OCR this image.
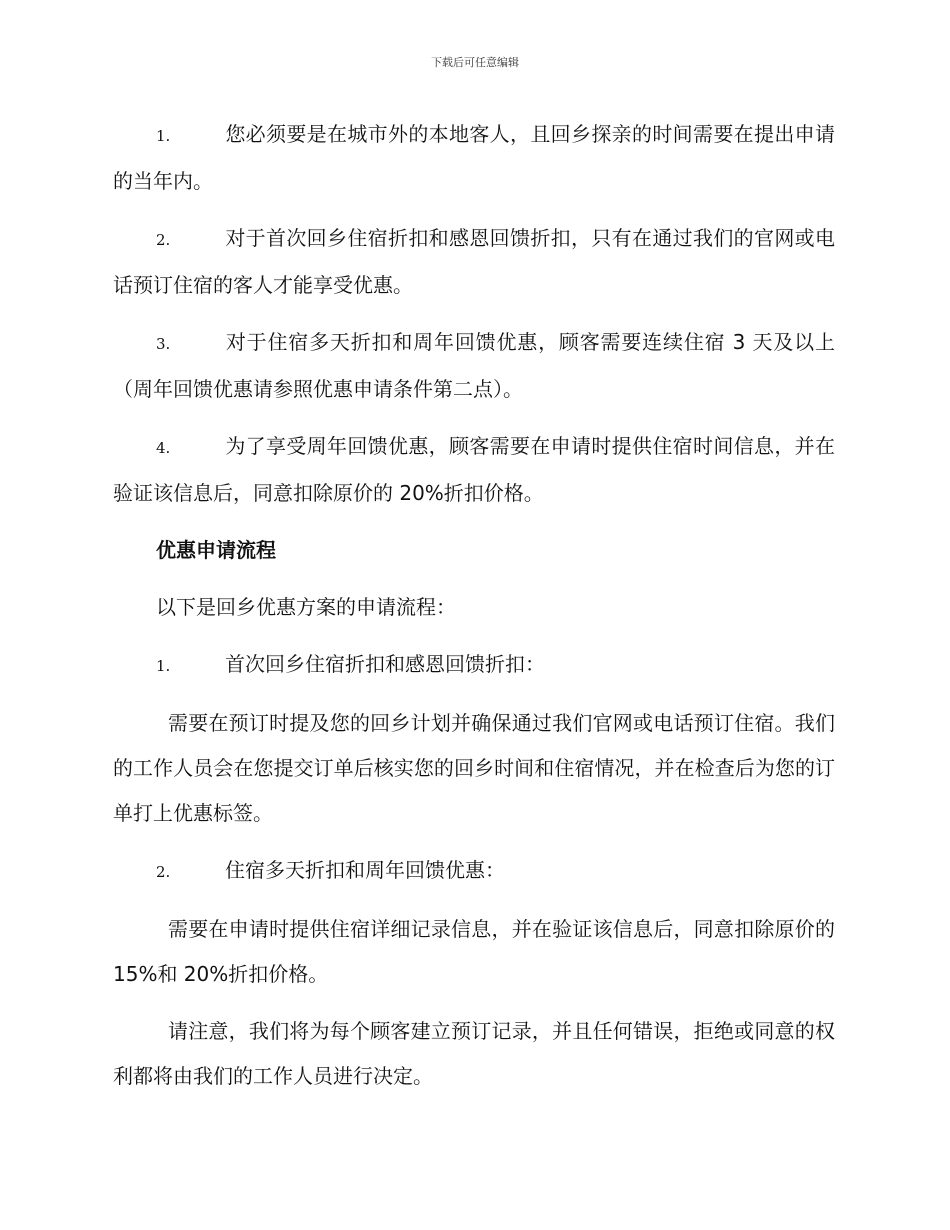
下载后可任意编辑

1.	您必须要是在城市外的本地客人，且回乡探亲的时间需要在提出申请的当年内。

2.	对于首次回乡住宿折扣和感恩回馈折扣，只有在通过我们的官网或电话预订住宿的客人才能享受优惠。

3.	对于住宿多天折扣和周年回馈优惠，顾客需要连续住宿 3 天及以上（周年回馈优惠请参照优惠申请条件第二点）。

4.	为了享受周年回馈优惠，顾客需要在申请时提供住宿时间信息，并在验证该信息后，同意扣除原价的 20%折扣价格。

优惠申请流程

以下是回乡优惠方案的申请流程：

1.	首次回乡住宿折扣和感恩回馈折扣：

需要在预订时提及您的回乡计划并确保通过我们官网或电话预订住宿。我们的工作人员会在您提交订单后核实您的回乡时间和住宿情况，并在检查后为您的订单打上优惠标签。

2.	住宿多天折扣和周年回馈优惠：

需要在申请时提供住宿详细记录信息，并在验证该信息后，同意扣除原价的 15%和 20%折扣价格。

请注意，我们将为每个顾客建立预订记录，并且任何错误，拒绝或同意的权利都将由我们的工作人员进行决定。
